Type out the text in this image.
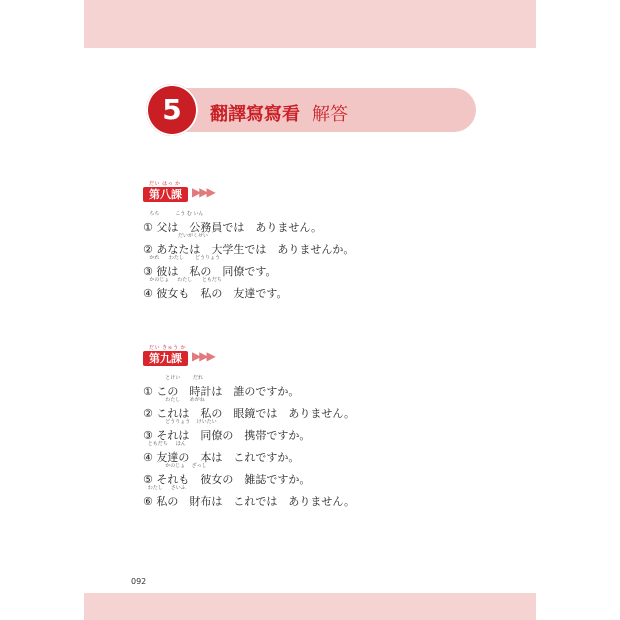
5	翻譯寫寫看 解答
だい はっ か
第八課 ▶▶▶
ちち          こう む いん
① 父は　公務員では　ありません。
だいがくせい
② あなたは　大学生では　ありませんか。
かれ      わたし       どうりょう
③ 彼は　私の　同僚です。
かのじょ     わたし      ともだち
④ 彼女も　私の　友達です。
だい きゅう か
第九課 ▶▶▶
とけい        だれ
① この　時計は　誰のですか。
わたし      めがね
② これは　私の　眼鏡では　ありません。
どうりょう    けいたい
③ それは　同僚の　携帯ですか。
ともだち     ほん
④ 友達の　本は　これですか。
かのじょ    ざっし
⑤ それも　彼女の　雑誌ですか。
わたし     さいふ
⑥ 私の　財布は　これでは　ありません。
092
